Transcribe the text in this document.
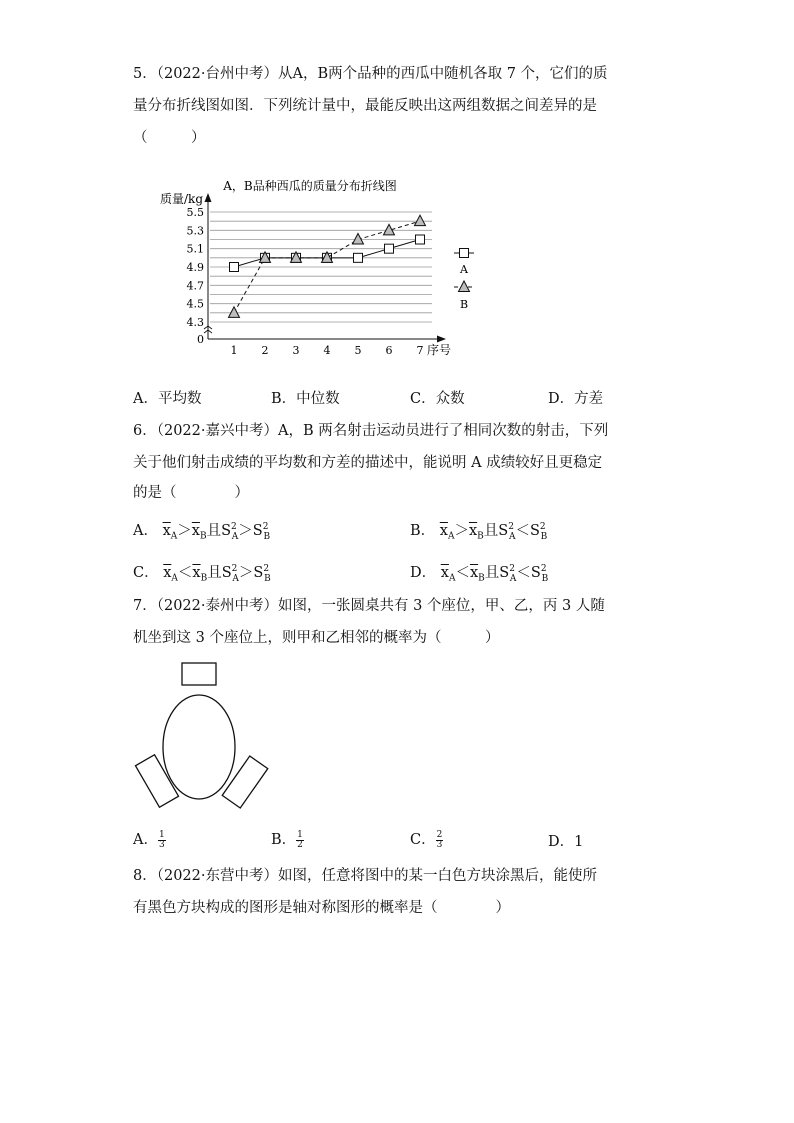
5．（2022·台州中考）从A，B两个品种的西瓜中随机各取 7 个，它们的质
量分布折线图如图．下列统计量中，最能反映出这两组数据之间差异的是
（　　　）
A，B品种西瓜的质量分布折线图
质量/kg
序号
0
4.3
4.5
4.7
4.9
5.1
5.3
5.5
1 2 3 4 5 6 7
A
B
A．平均数	B．中位数	C．众数	D．方差
6．（2022·嘉兴中考）A，B 两名射击运动员进行了相同次数的射击，下列
关于他们射击成绩的平均数和方差的描述中，能说明 A 成绩较好且更稳定
的是（　　　　）
A． $\overline{x}_A>\overline{x}_B$且$S^2_A>S^2_B$	B． $\overline{x}_A>\overline{x}_B$且$S^2_A<S^2_B$
C． $\overline{x}_A<\overline{x}_B$且$S^2_A>S^2_B$	D． $\overline{x}_A<\overline{x}_B$且$S^2_A<S^2_B$
7．（2022·泰州中考）如图，一张圆桌共有 3 个座位，甲、乙，丙 3 人随
机坐到这 3 个座位上，则甲和乙相邻的概率为（　　　）
A． $\frac{1}{3}$	B． $\frac{1}{2}$	C． $\frac{2}{3}$	D．1
8．（2022·东营中考）如图，任意将图中的某一白色方块涂黑后，能使所
有黑色方块构成的图形是轴对称图形的概率是（　　　　）
